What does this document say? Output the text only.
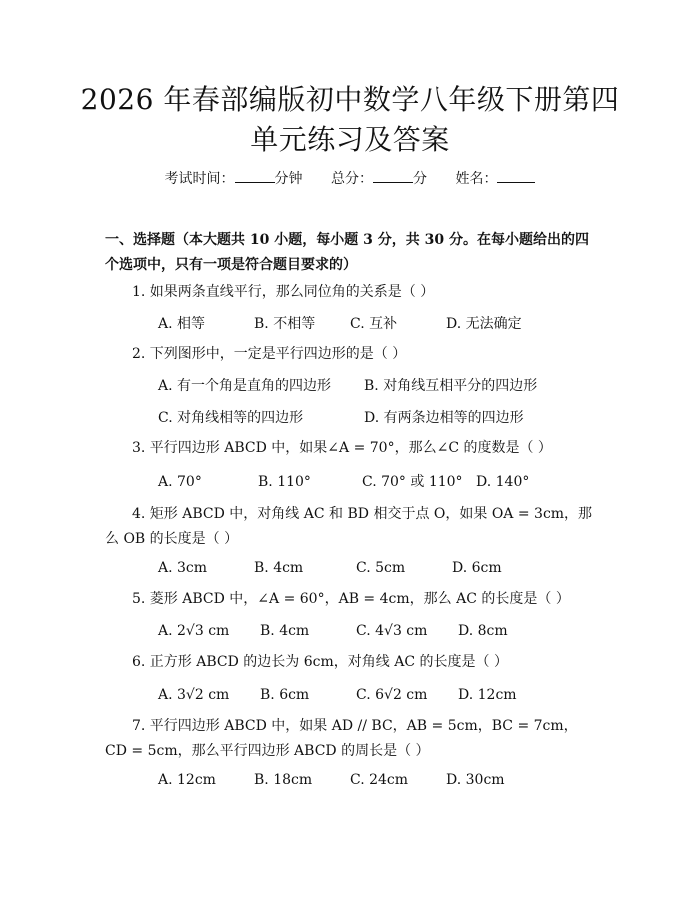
2026 年春部编版初中数学八年级下册第四单元练习及答案
考试时间：	分钟 总分：	分 姓名：
一、选择题（本大题共 10 小题，每小题 3 分，共 30 分。在每小题给出的四个选项中，只有一项是符合题目要求的）
1. 如果两条直线平行，那么同位角的关系是（ ）
A. 相等	B. 不相等 C. 互补	D. 无法确定
2. 下列图形中，一定是平行四边形的是（ ）
A. 有一个角是直角的四边形 B. 对角线互相平分的四边形
C. 对角线相等的四边形	D. 有两条边相等的四边形
3. 平行四边形 ABCD 中，如果∠A = 70°，那么∠C 的度数是（ ）
A. 70°	B. 110°	C. 70° 或 110° D. 140°
4. 矩形 ABCD 中，对角线 AC 和 BD 相交于点 O，如果 OA = 3cm，那么 OB 的长度是（ ）
A. 3cm	B. 4cm	C. 5cm	D. 6cm
5. 菱形 ABCD 中，∠A = 60°，AB = 4cm，那么 AC 的长度是（ ）
A. 2√3 cm B. 4cm	C. 4√3 cm D. 8cm
6. 正方形 ABCD 的边长为 6cm，对角线 AC 的长度是（ ）
A. 3√2 cm B. 6cm	C. 6√2 cm D. 12cm
7. 平行四边形 ABCD 中，如果 AD // BC，AB = 5cm，BC = 7cm，CD = 5cm，那么平行四边形 ABCD 的周长是（ ）
A. 12cm	B. 18cm	C. 24cm	D. 30cm
